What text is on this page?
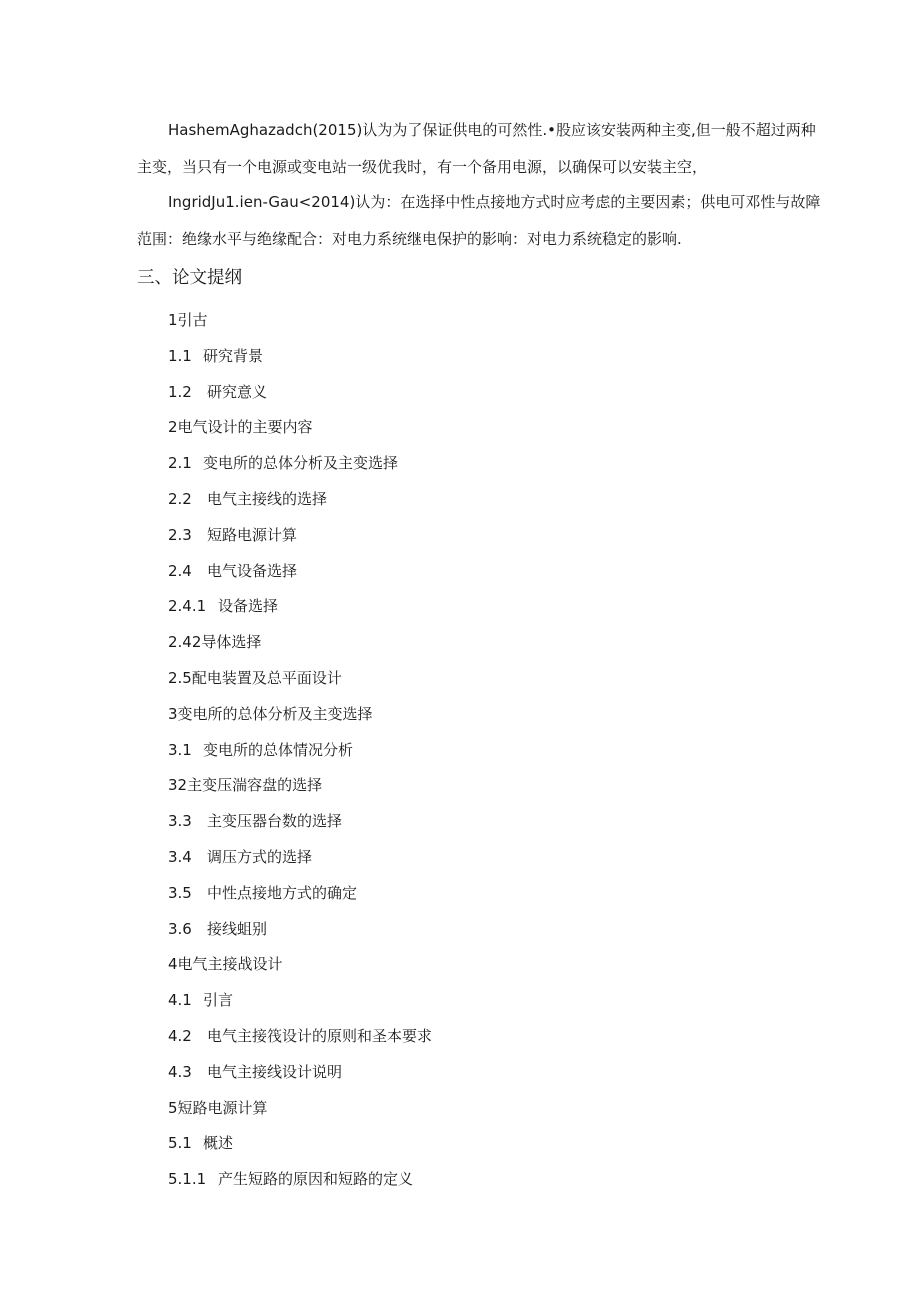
HashemAghazadch(2015)认为为了保证供电的可然性.•股应该安装两种主变,但一般不超过两种主变，当只有一个电源或变电站一级优我时，有一个备用电源，以确保可以安装主空，

IngridJu1.ien-Gau<2014)认为：在选择中性点接地方式时应考虑的主要因素；供电可邓性与故障范围：绝缘水平与绝缘配合：对电力系统继电保护的影响：对电力系统稳定的影响.

三、论文提纲
1引古
1.1 研究背景
1.2 研究意义
2电气设计的主要内容
2.1 变电所的总体分析及主变选择
2.2 电气主接线的选择
2.3 短路电源计算
2.4 电气设备选择
2.4.1 设备选择
2.42导体选择
2.5配电装置及总平面设计
3变电所的总体分析及主变选择
3.1 变电所的总体情况分析
32主变压湍容盘的选择
3.3 主变压器台数的选择
3.4 调压方式的选择
3.5 中性点接地方式的确定
3.6 接线蛆别
4电气主接战设计
4.1 引言
4.2 电气主接筏设计的原则和圣本要求
4.3 电气主接线设计说明
5短路电源计算
5.1 概述
5.1.1 产生短路的原因和短路的定义
